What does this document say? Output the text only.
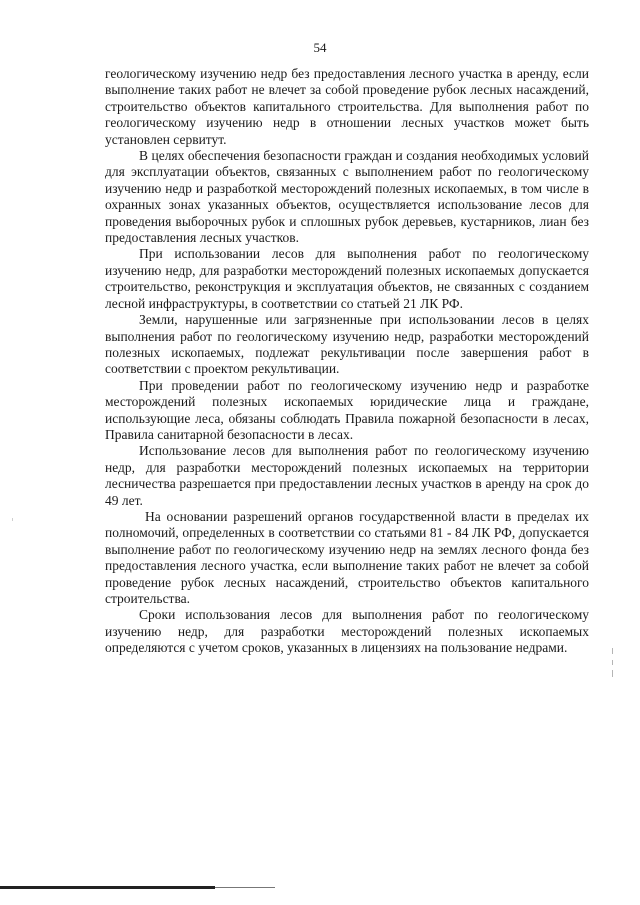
54

геологическому изучению недр без предоставления лесного участка в аренду, если выполнение таких работ не влечет за собой проведение рубок лесных насаждений, строительство объектов капитального строительства. Для выполнения работ по геологическому изучению недр в отношении лесных участков может быть установлен сервитут.

В целях обеспечения безопасности граждан и создания необходимых условий для эксплуатации объектов, связанных с выполнением работ по геологическому изучению недр и разработкой месторождений полезных ископаемых, в том числе в охранных зонах указанных объектов, осуществляется использование лесов для проведения выборочных рубок и сплошных рубок деревьев, кустарников, лиан без предоставления лесных участков.

При использовании лесов для выполнения работ по геологическому изучению недр, для разработки месторождений полезных ископаемых допускается строительство, реконструкция и эксплуатация объектов, не связанных с созданием лесной инфраструктуры, в соответствии со статьей 21 ЛК РФ.

Земли, нарушенные или загрязненные при использовании лесов в целях выполнения работ по геологическому изучению недр, разработки месторождений полезных ископаемых, подлежат рекультивации после завершения работ в соответствии с проектом рекультивации.

При проведении работ по геологическому изучению недр и разработке месторождений полезных ископаемых юридические лица и граждане, использующие леса, обязаны соблюдать Правила пожарной безопасности в лесах, Правила санитарной безопасности в лесах.

Использование лесов для выполнения работ по геологическому изучению недр, для разработки месторождений полезных ископаемых на территории лесничества разрешается при предоставлении лесных участков в аренду на срок до 49 лет.

На основании разрешений органов государственной власти в пределах их полномочий, определенных в соответствии со статьями 81 - 84 ЛК РФ, допускается выполнение работ по геологическому изучению недр на землях лесного фонда без предоставления лесного участка, если выполнение таких работ не влечет за собой проведение рубок лесных насаждений, строительство объектов капитального строительства.

Сроки использования лесов для выполнения работ по геологическому изучению недр, для разработки месторождений полезных ископаемых определяются с учетом сроков, указанных в лицензиях на пользование недрами.
